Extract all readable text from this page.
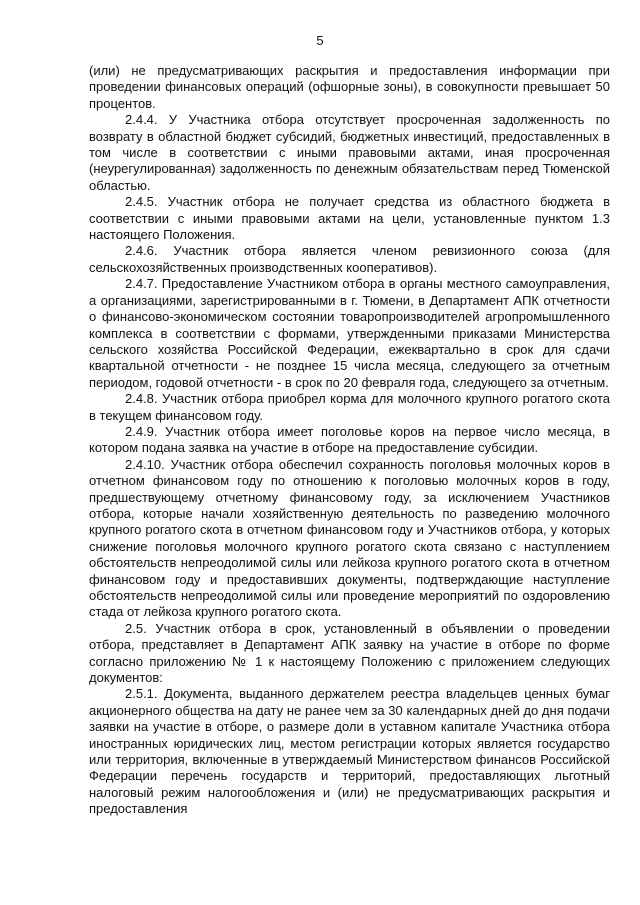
5

(или) не предусматривающих раскрытия и предоставления информации при проведении финансовых операций (офшорные зоны), в совокупности превышает 50 процентов.

2.4.4. У Участника отбора отсутствует просроченная задолженность по возврату в областной бюджет субсидий, бюджетных инвестиций, предоставленных в том числе в соответствии с иными правовыми актами, иная просроченная (неурегулированная) задолженность по денежным обязательствам перед Тюменской областью.

2.4.5. Участник отбора не получает средства из областного бюджета в соответствии с иными правовыми актами на цели, установленные пунктом 1.3 настоящего Положения.

2.4.6. Участник отбора является членом ревизионного союза (для сельскохозяйственных производственных кооперативов).

2.4.7. Предоставление Участником отбора в органы местного самоуправления, а организациями, зарегистрированными в г. Тюмени, в Департамент АПК отчетности о финансово-экономическом состоянии товаропроизводителей агропромышленного комплекса в соответствии с формами, утвержденными приказами Министерства сельского хозяйства Российской Федерации, ежеквартально в срок для сдачи квартальной отчетности - не позднее 15 числа месяца, следующего за отчетным периодом, годовой отчетности - в срок по 20 февраля года, следующего за отчетным.

2.4.8. Участник отбора приобрел корма для молочного крупного рогатого скота в текущем финансовом году.

2.4.9. Участник отбора имеет поголовье коров на первое число месяца, в котором подана заявка на участие в отборе на предоставление субсидии.

2.4.10. Участник отбора обеспечил сохранность поголовья молочных коров в отчетном финансовом году по отношению к поголовью молочных коров в году, предшествующему отчетному финансовому году, за исключением Участников отбора, которые начали хозяйственную деятельность по разведению молочного крупного рогатого скота в отчетном финансовом году и Участников отбора, у которых снижение поголовья молочного крупного рогатого скота связано с наступлением обстоятельств непреодолимой силы или лейкоза крупного рогатого скота в отчетном финансовом году и предоставивших документы, подтверждающие наступление обстоятельств непреодолимой силы или проведение мероприятий по оздоровлению стада от лейкоза крупного рогатого скота.

2.5. Участник отбора в срок, установленный в объявлении о проведении отбора, представляет в Департамент АПК заявку на участие в отборе по форме согласно приложению № 1 к настоящему Положению с приложением следующих документов:

2.5.1. Документа, выданного держателем реестра владельцев ценных бумаг акционерного общества на дату не ранее чем за 30 календарных дней до дня подачи заявки на участие в отборе, о размере доли в уставном капитале Участника отбора иностранных юридических лиц, местом регистрации которых является государство или территория, включенные в утверждаемый Министерством финансов Российской Федерации перечень государств и территорий, предоставляющих льготный налоговый режим налогообложения и (или) не предусматривающих раскрытия и предоставления
